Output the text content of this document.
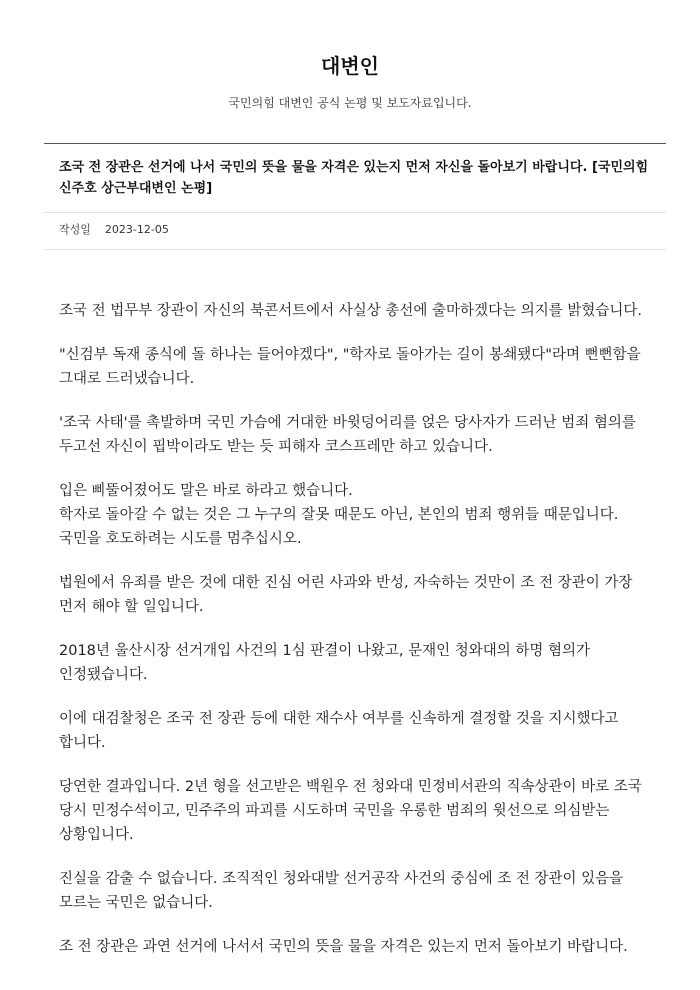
대변인
국민의힘 대변인 공식 논평 및 보도자료입니다.
조국 전 장관은 선거에 나서 국민의 뜻을 물을 자격은 있는지 먼저 자신을 돌아보기 바랍니다. [국민의힘 신주호 상근부대변인 논평]
작성일 2023-12-05

조국 전 법무부 장관이 자신의 북콘서트에서 사실상 총선에 출마하겠다는 의지를 밝혔습니다.

"신검부 독재 종식에 돌 하나는 들어야겠다", "학자로 돌아가는 길이 봉쇄됐다"라며 뻔뻔함을 그대로 드러냈습니다.

'조국 사태'를 촉발하며 국민 가슴에 거대한 바윗덩어리를 얹은 당사자가 드러난 범죄 혐의를 두고선 자신이 핍박이라도 받는 듯 피해자 코스프레만 하고 있습니다.

입은 삐뚤어졌어도 말은 바로 하라고 했습니다.
학자로 돌아갈 수 없는 것은 그 누구의 잘못 때문도 아닌, 본인의 범죄 행위들 때문입니다. 국민을 호도하려는 시도를 멈추십시오.

법원에서 유죄를 받은 것에 대한 진심 어린 사과와 반성, 자숙하는 것만이 조 전 장관이 가장 먼저 해야 할 일입니다.

2018년 울산시장 선거개입 사건의 1심 판결이 나왔고, 문재인 청와대의 하명 혐의가 인정됐습니다.

이에 대검찰청은 조국 전 장관 등에 대한 재수사 여부를 신속하게 결정할 것을 지시했다고 합니다.

당연한 결과입니다. 2년 형을 선고받은 백원우 전 청와대 민정비서관의 직속상관이 바로 조국 당시 민정수석이고, 민주주의 파괴를 시도하며 국민을 우롱한 범죄의 윗선으로 의심받는 상황입니다.

진실을 감출 수 없습니다. 조직적인 청와대발 선거공작 사건의 중심에 조 전 장관이 있음을 모르는 국민은 없습니다.

조 전 장관은 과연 선거에 나서서 국민의 뜻을 물을 자격은 있는지 먼저 돌아보기 바랍니다.
